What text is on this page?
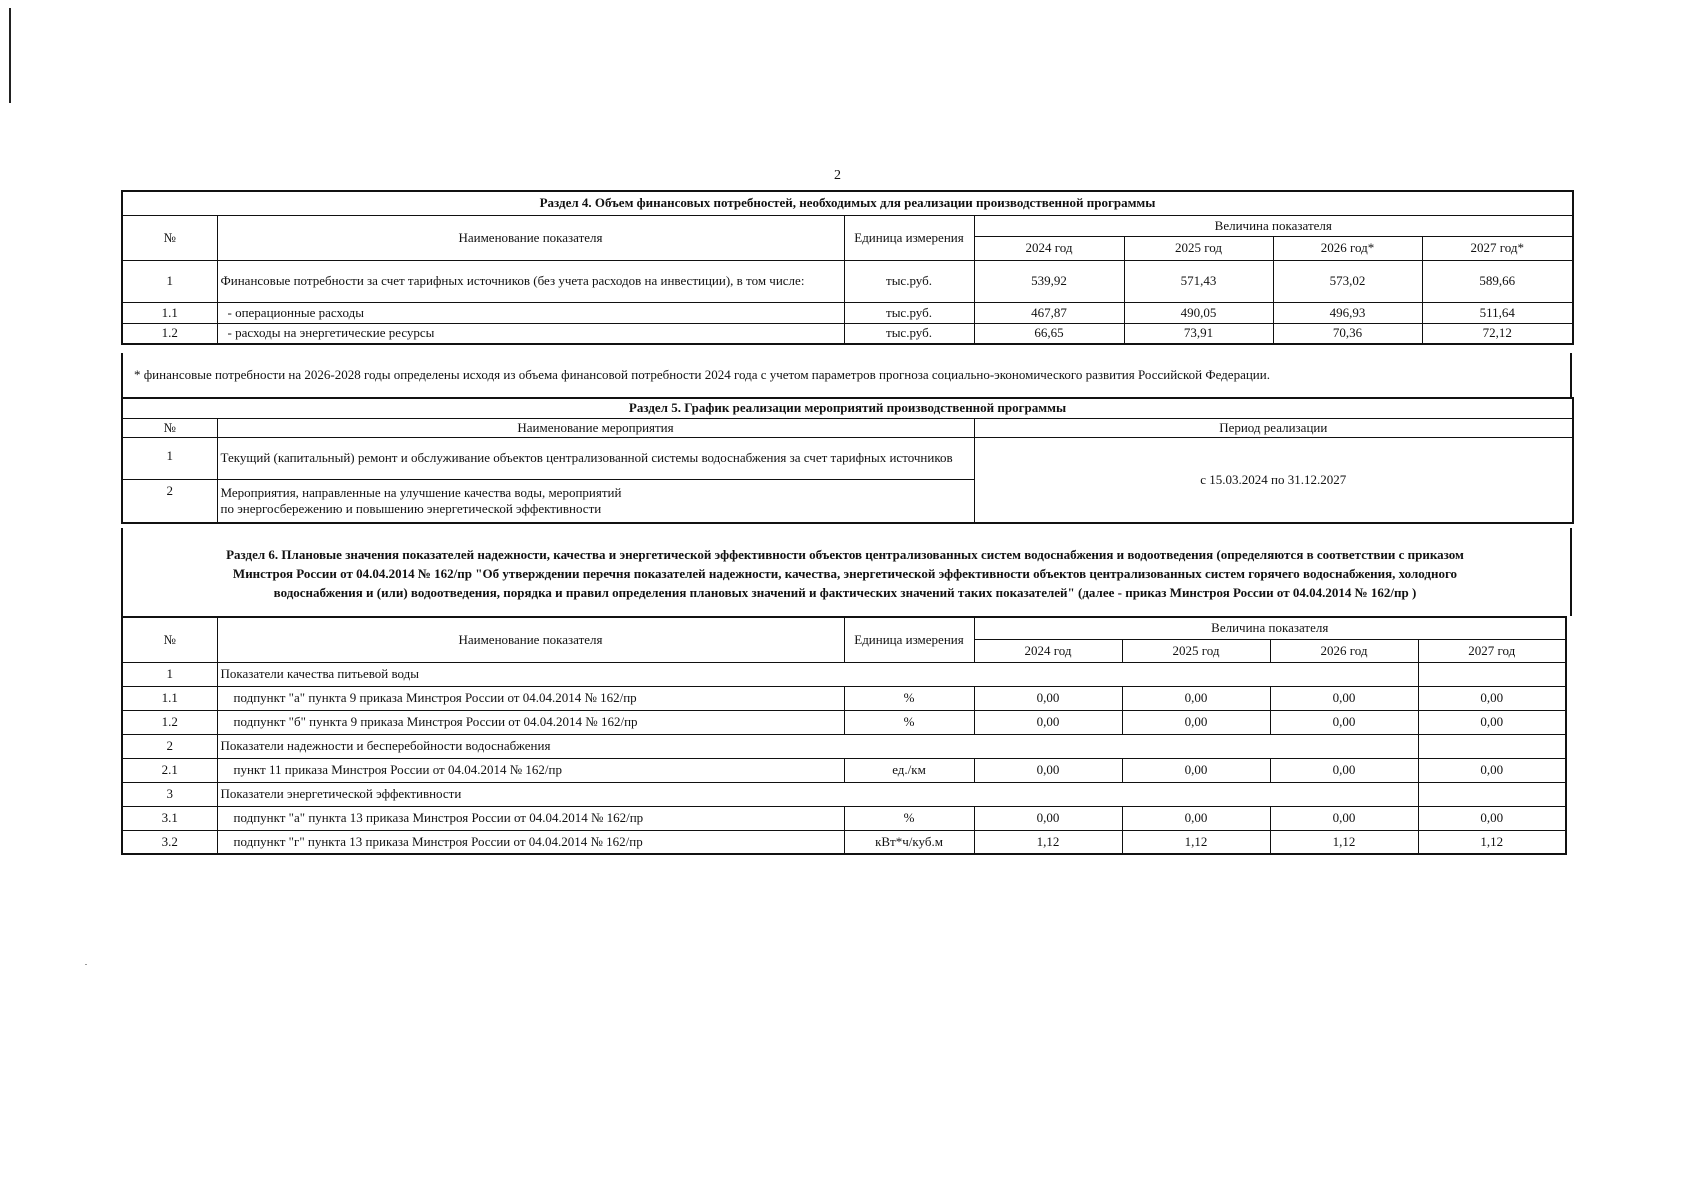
2
Раздел 4. Объем финансовых потребностей, необходимых для реализации производственной программы						
№	Наименование показателя	Единица измерения	Величина показателя			
			2024 год	2025 год	2026 год*	2027 год*
1	Финансовые потребности за счет тарифных источников (без учета расходов на инвестиции), в том числе:	тыс.руб.	539,92	571,43	573,02	589,66
1.1	- операционные расходы	тыс.руб.	467,87	490,05	496,93	511,64
1.2	- расходы на энергетические ресурсы	тыс.руб.	66,65	73,91	70,36	72,12
* финансовые потребности на 2026-2028 годы определены исходя из объема финансовой потребности 2024 года с учетом параметров прогноза социально-экономического развития Российской Федерации.
Раздел 5. График реализации мероприятий производственной программы		
№	Наименование мероприятия	Период реализации
1	Текущий (капитальный) ремонт и обслуживание объектов централизованной системы водоснабжения за счет тарифных источников	с 15.03.2024 по 31.12.2027
2	Мероприятия, направленные на улучшение качества воды, мероприятий
по энергосбережению и повышению энергетической эффективности	
Раздел 6. Плановые значения показателей надежности, качества и энергетической эффективности объектов централизованных систем водоснабжения и водоотведения (определяются в соответствии с приказом
Минстроя России от 04.04.2014 № 162/пр "Об утверждении перечня показателей надежности, качества, энергетической эффективности объектов централизованных систем горячего водоснабжения, холодного
водоснабжения и (или) водоотведения, порядка и правил определения плановых значений и фактических значений таких показателей" (далее - приказ Минстроя России от 04.04.2014 № 162/пр )
№	Наименование показателя	Единица измерения	Величина показателя			
			2024 год	2025 год	2026 год	2027 год
1	Показатели качества питьевой воды					
1.1	подпункт "а" пункта 9 приказа Минстроя России от 04.04.2014 № 162/пр	%	0,00	0,00	0,00	0,00
1.2	подпункт "б" пункта 9 приказа Минстроя России от 04.04.2014 № 162/пр	%	0,00	0,00	0,00	0,00
2	Показатели надежности и бесперебойности водоснабжения					
2.1	пункт 11 приказа Минстроя России от 04.04.2014 № 162/пр	ед./км	0,00	0,00	0,00	0,00
3	Показатели энергетической эффективности					
3.1	подпункт "а" пункта 13 приказа Минстроя России от 04.04.2014 № 162/пр	%	0,00	0,00	0,00	0,00
3.2	подпункт "г" пункта 13 приказа Минстроя России от 04.04.2014 № 162/пр	кВт*ч/куб.м	1,12	1,12	1,12	1,12
